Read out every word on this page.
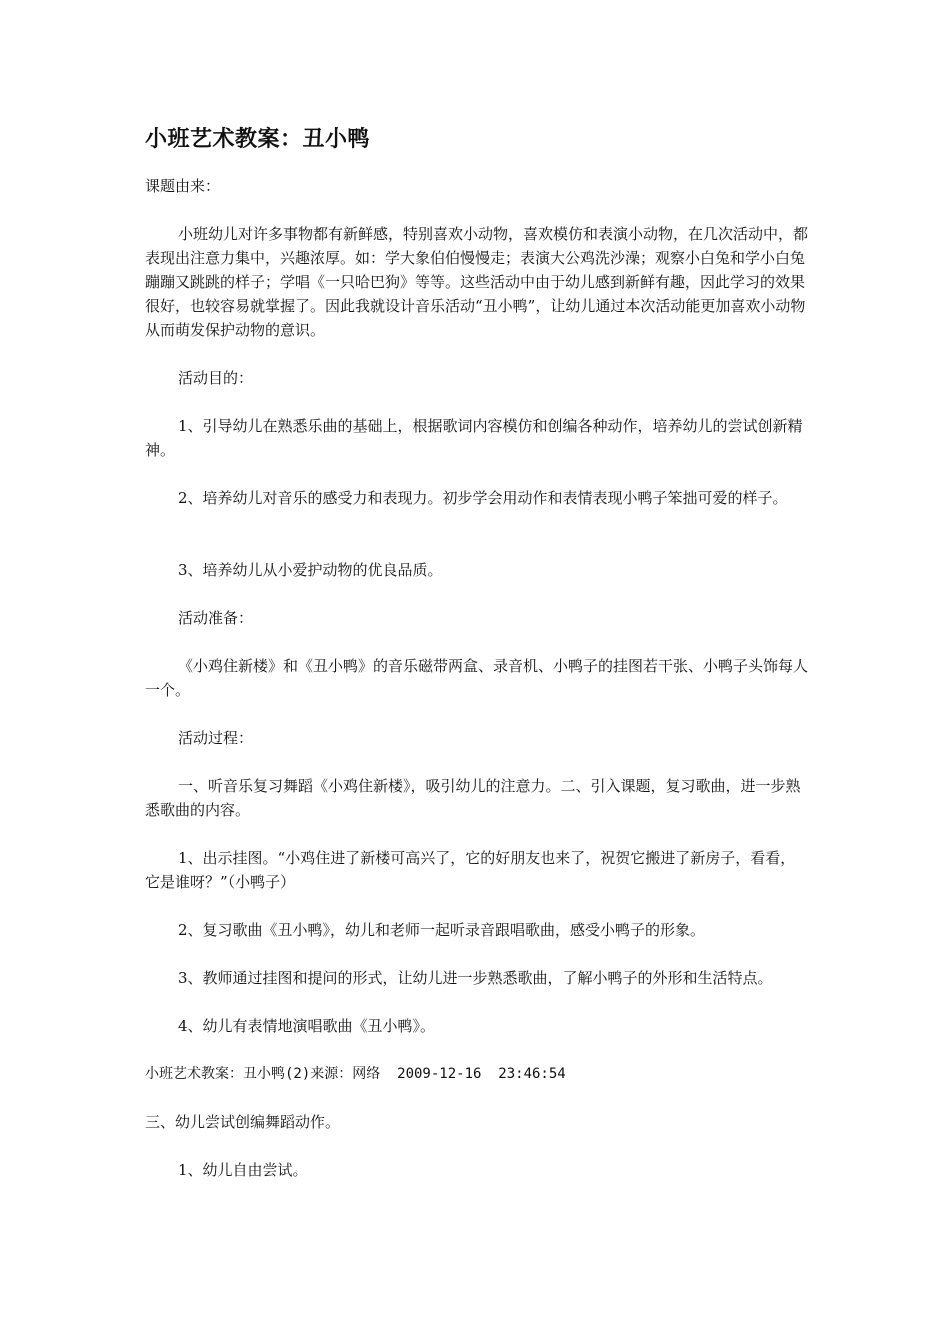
小班艺术教案：丑小鸭

课题由来：

小班幼儿对许多事物都有新鲜感，特别喜欢小动物，喜欢模仿和表演小动物，在几次活动中，都表现出注意力集中，兴趣浓厚。如：学大象伯伯慢慢走；表演大公鸡洗沙澡；观察小白兔和学小白兔蹦蹦又跳跳的样子；学唱《一只哈巴狗》等等。这些活动中由于幼儿感到新鲜有趣，因此学习的效果很好，也较容易就掌握了。因此我就设计音乐活动“丑小鸭”，让幼儿通过本次活动能更加喜欢小动物从而萌发保护动物的意识。

活动目的：

1、引导幼儿在熟悉乐曲的基础上，根据歌词内容模仿和创编各种动作，培养幼儿的尝试创新精神。

2、培养幼儿对音乐的感受力和表现力。初步学会用动作和表情表现小鸭子笨拙可爱的样子。

3、培养幼儿从小爱护动物的优良品质。

活动准备：

《小鸡住新楼》和《丑小鸭》的音乐磁带两盒、录音机、小鸭子的挂图若干张、小鸭子头饰每人一个。

活动过程：

一、听音乐复习舞蹈《小鸡住新楼》，吸引幼儿的注意力。二、引入课题，复习歌曲，进一步熟悉歌曲的内容。

1、出示挂图。“小鸡住进了新楼可高兴了，它的好朋友也来了，祝贺它搬进了新房子，看看，它是谁呀？”（小鸭子）

2、复习歌曲《丑小鸭》，幼儿和老师一起听录音跟唱歌曲，感受小鸭子的形象。

3、教师通过挂图和提问的形式，让幼儿进一步熟悉歌曲，了解小鸭子的外形和生活特点。

4、幼儿有表情地演唱歌曲《丑小鸭》。

小班艺术教案：丑小鸭(2)来源：网络  2009-12-16  23:46:54

三、幼儿尝试创编舞蹈动作。

1、幼儿自由尝试。
